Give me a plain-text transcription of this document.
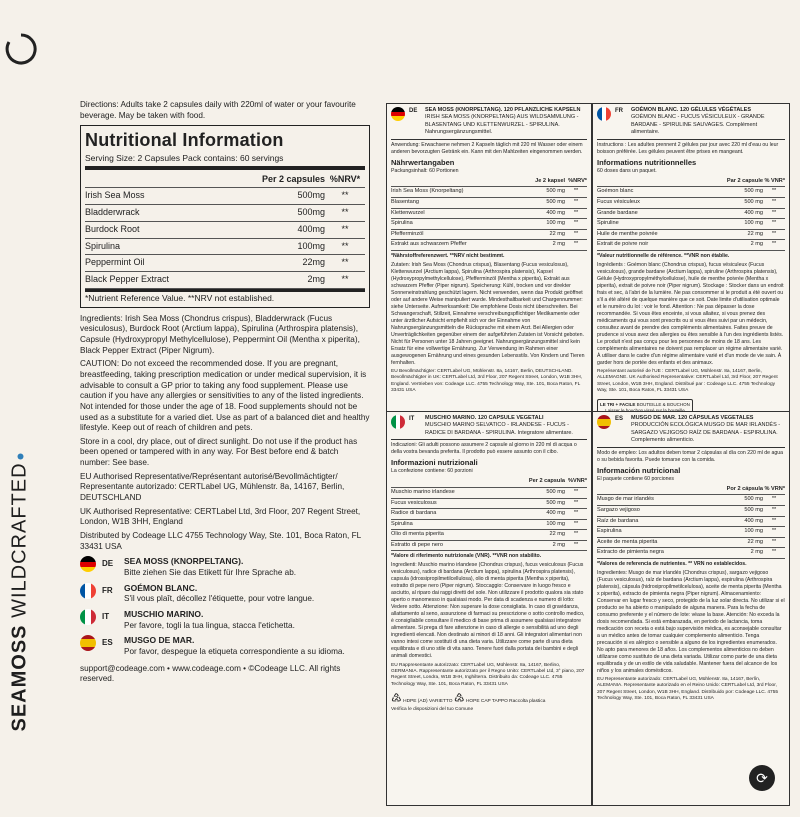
SEAMOSS WILDCRAFTED

Directions: Adults take 2 capsules daily with 220ml of water or your favourite beverage. May be taken with food.

Nutritional Information
Serving Size: 2 Capsules Pack contains: 60 servings
	Per 2 capsules	%NRV*
Irish Sea Moss	500mg	**
Bladderwrack	500mg	**
Burdock Root	400mg	**
Spirulina	100mg	**
Peppermint Oil	22mg	**
Black Pepper Extract	2mg	**
*Nutrient Reference Value. **NRV not established.

Ingredients: Irish Sea Moss (Chondrus crispus), Bladderwrack (Fucus vesiculosus), Burdock Root (Arctium lappa), Spirulina (Arthrospira platensis), Capsule (Hydroxypropyl Methylcellulose), Peppermint Oil (Mentha x piperita), Black Pepper Extract (Piper Nigrum).

CAUTION: Do not exceed the recommended dose. If you are pregnant, breastfeeding, taking prescription medication or under medical supervision, it is advisable to consult a GP prior to taking any food supplement. Please use caution if you have any allergies or sensitivities to any of the listed ingredients. Not intended for those under the age of 18. Food supplements should not be used as a substitute for a varied diet. Use as part of a balanced diet and healthy lifestyle. Keep out of reach of children and pets.

Store in a cool, dry place, out of direct sunlight. Do not use if the product has been opened or tampered with in any way. For Best before end & batch number: See base.

EU Authorised Representative/Représentant autorisé/Bevollmächtigter/ Representante autorizado: CERTLabel UG, Mühlenstr. 8a, 14167, Berlin, DEUTSCHLAND

UK Authorised Representative: CERTLabel Ltd, 3rd Floor, 207 Regent Street, London, W1B 3HH, England

Distributed by Codeage LLC 4755 Technology Way, Ste. 101, Boca Raton, FL 33431 USA

DE	SEA MOSS (KNORPELTANG).
Bitte ziehen Sie das Etikett für Ihre Sprache ab.
FR	GOÉMON BLANC.
S'il vous plaît, décollez l'étiquette, pour votre langue.
IT	MUSCHIO MARINO.
Per favore, togli la tua lingua, stacca l'etichetta.
ES	MUSGO DE MAR.
Por favor, despegue la etiqueta correspondiente a su idioma.

support@codeage.com • www.codeage.com • ©Codeage LLC. All rights reserved.

DE	SEA MOSS (KNORPELTANG). 120 PFLANZLICHE KAPSELN
IRISH SEA MOSS (KNORPELTANG) AUS WILDSAMMLUNG - BLASENTANG UND KLETTENWURZEL - SPIRULINA. Nahrungsergänzungsmittel.

Anwendung: Erwachsene nehmen 2 Kapseln täglich mit 220 ml Wasser oder einem anderen bevorzugten Getränk ein. Kann mit den Mahlzeiten eingenommen werden.

Nährwertangaben
Packungsinhalt: 60 Portionen
	Je 2 kapsel	%NRV*
Irish Sea Moss (Knorpeltang)	500 mg	**
Blasentang	500 mg	**
Klettenwurzel	400 mg	**
Spirulina	100 mg	**
Pfefferminzöl	22 mg	**
Extrakt aus schwarzem Pfeffer	2 mg	**

*Nährstoffreferenzwert. **NRV nicht bestimmt.

Zutaten: Irish Sea Moss (Chondrus crispus), Blasentang (Fucus vesiculosus), Klettenwurzel (Arctium lappa), Spirulina (Arthrospira platensis), Kapsel (Hydroxypropylmethylcellulose), Pfefferminzöl (Mentha x piperita), Extrakt aus schwarzem Pfeffer (Piper nigrum). Speicherung: Kühl, trocken und vor direkter Sonneneinstrahlung geschützt lagern. Nicht verwenden, wenn das Produkt geöffnet oder auf andere Weise manipuliert wurde. Mindesthaltbarkeit und Chargennummer: siehe Unterseite. Aufmerksamkeit: Die empfohlene Dosis nicht überschreiten. Bei Schwangerschaft, Stillzeit, Einnahme verschreibungspflichtiger Medikamente oder unter ärztlicher Aufsicht empfiehlt sich vor der Einnahme von Nahrungsergänzungsmitteln die Rücksprache mit einem Arzt. Bei Allergien oder Unverträglichkeiten gegenüber einem der aufgeführten Zutaten ist Vorsicht geboten. Nicht für Personen unter 18 Jahren geeignet. Nahrungsergänzungsmittel sind kein Ersatz für eine vollwertige Ernährung. Zur Verwendung im Rahmen einer ausgewogenen Ernährung und eines gesunden Lebensstils. Von Kindern und Tieren fernhalten.

EU Bevollmächtigter: CERTLabel UG, Mühlenstr. 8a, 14167, Berlin, DEUTSCHLAND. Bevollmächtigter in UK: CERTLabel Ltd, 3rd Floor, 207 Regent Street, London, W1B 3HH, England. Vertrieben von: Codeage LLC. 4755 Technology Way, Ste. 101, Boca Raton, FL 33431 USA

FR	GOÉMON BLANC. 120 GÉLULES VÉGÉTALES
GOÉMON BLANC - FUCUS VÉSICULEUX - GRANDE BARDANE - SPIRULINE SAUVAGES. Complément alimentaire.

Instructions : Les adultes prennent 2 gélules par jour avec 220 ml d'eau ou leur boisson préférée. Les gélules peuvent être prises en mangeant.

Informations nutritionnelles
60 doses dans un paquet.
	Par 2 capsule	% VNR*
Goémon blanc	500 mg	**
Fucus vésiculeux	500 mg	**
Grande bardane	400 mg	**
Spiruline	100 mg	**
Huile de menthe poivrée	22 mg	**
Extrait de poivre noir	2 mg	**

*Valeur nutritionnelle de référence. **VNR non établie.

Ingrédients : Goémon blanc (Chondrus crispus), fucus vésiculeux (Fucus vesiculosus), grande bardane (Arctium lappa), spiruline (Arthrospira platensis), Gélule (Hydroxypropylméthylcellulose), huile de menthe poivrée (Mentha x piperita), extrait de poivre noir (Piper nigrum). Stockage : Stocker dans un endroit frais et sec, à l'abri de la lumière. Ne pas consommer si le produit a été ouvert ou s'il a été altéré de quelque manière que ce soit. Date limite d'utilisation optimale et le numéro du lot : voir le fond. Attention : Ne pas dépasser la dose recommandée. Si vous êtes enceinte, si vous allaitez, si vous prenez des médicaments qui vous sont prescrits ou si vous êtes suivi par un médecin, consultez avant de prendre des compléments alimentaires. Faites preuve de prudence si vous avez des allergies ou êtes sensible à l'un des ingrédients listés. Le produit n'est pas conçu pour les personnes de moins de 18 ans. Les compléments alimentaires ne doivent pas remplacer un régime alimentaire varié. À utiliser dans le cadre d'un régime alimentaire varié et d'un mode de vie sain. À garder hors de portée des enfants et des animaux.

Représentant autorisé de l'UE : CERTLabel UG, Mühlenstr. 8a, 14167, Berlin, ALLEMAGNE. UK Authorised Representative: CERTLabel Ltd, 3rd Floor, 207 Regent Street, London, W1B 3HH, England. Distribué par : Codeage LLC. 4755 Technology Way, Ste. 101, Boca Raton, FL 33431 USA

LE TRI + FACILE BOUTEILLE & BOUCHON

IT	MUSCHIO MARINO. 120 CAPSULE VEGETALI
MUSCHIO MARINO SELVATICO - IRLANDESE - FUCUS - RADICE DI BARDANA - SPIRULINA. Integratore alimentare.

Indicazioni: Gli adulti possono assumere 2 capsule al giorno in 220 ml di acqua o della vostra bevanda preferita. Il prodotto può essere assunto con il cibo.

Informazioni nutrizionali
La confezione contiene: 60 porzioni
	Per 2 capsula	%VNR*
Muschio marino irlandese	500 mg	**
Fucus vesiculosus	500 mg	**
Radice di bardana	400 mg	**
Spirulina	100 mg	**
Olio di menta piperita	22 mg	**
Estratto di pepe nero	2 mg	**

*Valore di riferimento nutrizionale (VNR). **VNR non stabilito.

Ingredienti: Muschio marino irlandese (Chondrus crispus), fucus vesiculosus (Fucus vesiculosus), radice di bardana (Arctium lappa), spirulina (Arthrospira platensis), capsula (idrossipropilmetilcellulosa), olio di menta piperita (Mentha x piperita), estratto di pepe nero (Piper nigrum). Stoccaggio: Conservare in luogo fresco e asciutto, al riparo dai raggi diretti del sole. Non utilizzare il prodotto qualora sia stato aperto o manomesso in qualsiasi modo. Per data di scadenza e numero di lotto: Vedere sotto. Attenzione: Non superare la dose consigliata. In caso di gravidanza, allattamento al seno, assunzione di farmaci su prescrizione o sotto controllo medico, è consigliabile consultare il medico di base prima di assumere qualsiasi integratore alimentare. Si prega di fare attenzione in caso di allergie o sensibilità ad uno degli ingredienti elencati. Non destinato ai minori di 18 anni. Gli integratori alimentari non vanno intesi come sostituti di una dieta varia. Utilizzare come parte di una dieta equilibrata e di uno stile di vita sano. Tenere fuori dalla portata dei bambini e degli animali domestici.

EU Rappresentante autorizzato: CERTLabel UG, Mühlenstr. 8a, 14167, Berlino, GERMANIA. Rappresentante autorizzato per il Regno Unito: CERTLabel Ltd, 3° piano, 207 Regent Street, Londra, W1B 3HH, Inghilterra. Distribuito da: Codeage LLC. 4755 Technology Way, Ste. 101, Boca Raton, FL 33431 USA

♴ HDPE (AD) VARIETTO ♴ HOPE CAP TAPPO Raccolta plastica
Verifica le disposizioni del tuo Comune
ES	MUSGO DE MAR. 120 CÁPSULAS VEGETALES
PRODUCCIÓN ECOLÓGICA MUSGO DE MAR IRLANDÉS - SARGAZO VEJIGOSO RAÍZ DE BARDANA - ESPIRULINA. Complemento alimenticio.

Modo de empleo: Los adultos deben tomar 2 cápsulas al día con 220 ml de agua o su bebida favorita. Puede tomarse con la comida.

Información nutricional
El paquete contiene 60 porciones
	Por 2 cápsula	% VRN*
Musgo de mar irlandés	500 mg	**
Sargazo vejigoso	500 mg	**
Raíz de bardana	400 mg	**
Espirulina	100 mg	**
Aceite de menta piperita	22 mg	**
Extracto de pimienta negra	2 mg	**

*Valores de referencia de nutrientes. ** VRN no establecidos.

Ingredientes: Musgo de mar irlandés (Chondrus crispus), sargazo vejigoso (Fucus vesiculosus), raíz de bardana (Arctium lappa), espirulina (Arthrospira platensis), cápsula (hidroxipropilmetilcelulosa), aceite de menta piperita (Mentha x piperita), extracto de pimienta negra (Piper nigrum). Almacenamiento: Conservar en lugar fresco y seco, protegido de la luz solar directa. No utilizar si el producto se ha abierto o manipulado de alguna manera. Para la fecha de consumo preferente y el número de lote: véase la base. Atención: No exceda la dosis recomendada. Si está embarazada, en periodo de lactancia, toma medicación con receta o está bajo supervisión médica, es aconsejable consultar a un médico antes de tomar cualquier complemento alimenticio. Tenga precaución si es alérgico o sensible a alguno de los ingredientes enumerados. No apto para menores de 18 años. Los complementos alimenticios no deben utilizarse como sustituto de una dieta variada. Utilizar como parte de una dieta equilibrada y de un estilo de vida saludable. Mantener fuera del alcance de los niños y los animales domésticos.

EU Representante autorizado: CERTLabel UG, Mühlenstr. 8a, 14167, Berlín, ALEMANIA. Representante autorizado en el Reino Unido: CERTLabel Ltd, 3rd Floor, 207 Regent Street, London, W1B 3HH, England. Distribuido por: Codeage LLC. 4755 Technology Way, Ste. 101, Boca Raton, FL 33431 USA

⟳
